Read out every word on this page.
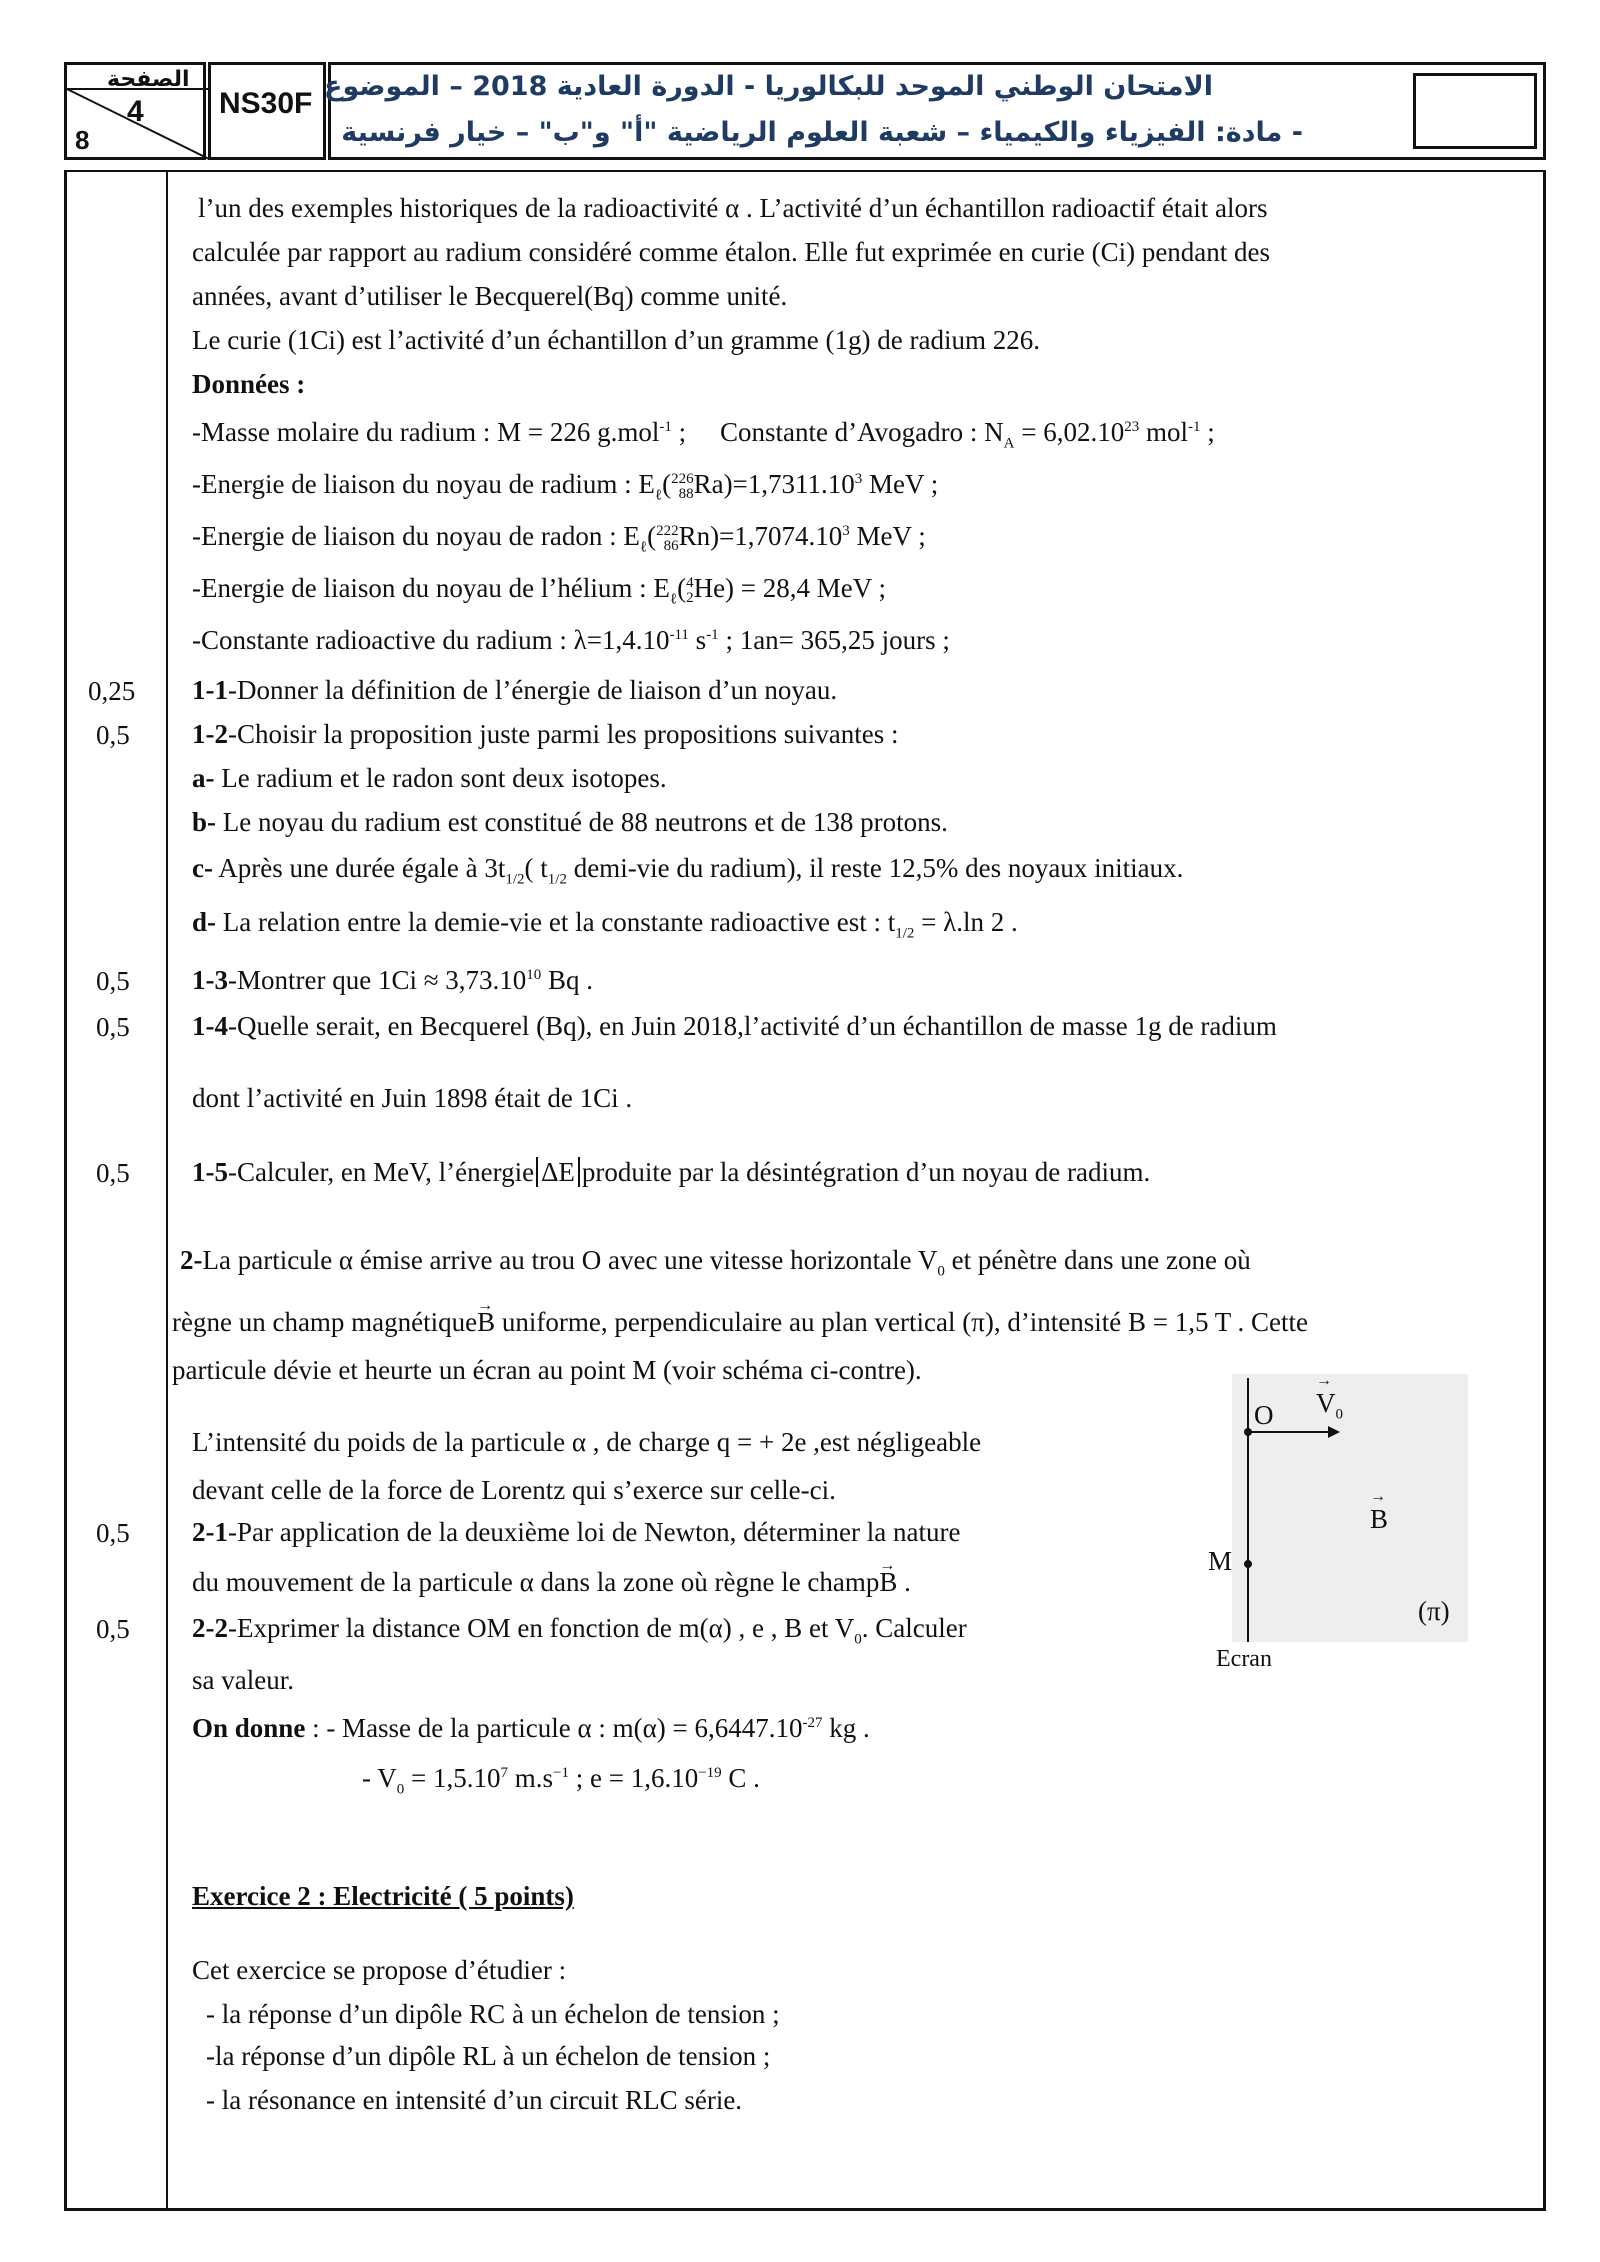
الصفحة
4
8
NS30F
الامتحان الوطني الموحد للبكالوريا - الدورة العادية 2018 – الموضوع
- مادة: الفيزياء والكيمياء – شعبة العلوم الرياضية "أ" و"ب" – خيار فرنسية
0,25
0,5
0,5
0,5
0,5
0,5
0,5
l’un des exemples historiques de la radioactivité α . L’activité d’un échantillon radioactif était alors
calculée par rapport au radium considéré comme étalon. Elle fut exprimée en curie (Ci) pendant des
années, avant d’utiliser le Becquerel(Bq) comme unité.
Le curie (1Ci) est l’activité d’un échantillon d’un gramme (1g) de radium 226.
Données :
-Masse molaire du radium : M = 226 g.mol$^{-1}$ ;     Constante d’Avogadro : $N_A = 6,02.10^{23}$ mol$^{-1}$ ;
-Energie de liaison du noyau de radium : $E_\ell(226$
$88Ra)=1,7311.10^3$ MeV ;
-Energie de liaison du noyau de radon : $E_\ell(222$
$86Rn)=1,7074.10^3$ MeV ;
-Energie de liaison du noyau de l’hélium : $E_\ell(4$
2He) = 28,4 MeV ;
-Constante radioactive du radium : $\lambda=1,4.10^{-11}$ $s^{-1}$ ; 1an= 365,25 jours ;
1-1-Donner la définition de l’énergie de liaison d’un noyau.
1-2-Choisir la proposition juste parmi les propositions suivantes :
a- Le radium et le radon sont deux isotopes.
b- Le noyau du radium est constitué de 88 neutrons et de 138 protons.
c- Après une durée égale à $3t_{1/2}$( $t_{1/2}$ demi-vie du radium), il reste 12,5% des noyaux initiaux.
d- La relation entre la demie-vie et la constante radioactive est : $t_{1/2} = \lambda.\ln$ 2 .
1-3-Montrer que $1Ci \approx 3,73.10^{10}$ Bq .
1-4-Quelle serait, en Becquerel (Bq), en Juin 2018,l’activité d’un échantillon de masse 1g de radium
dont l’activité en Juin 1898 était de 1Ci .
1-5-Calculer, en MeV, l’énergie ΔE produite par la désintégration d’un noyau de radium.
2-La particule α émise arrive au trou O avec une vitesse horizontale $V_0$ et pénètre dans une zone où
règne un champ magnétique→ B uniforme, perpendiculaire au plan vertical (π), d’intensité B = 1,5 T . Cette
particule dévie et heurte un écran au point M (voir schéma ci-contre).
L’intensité du poids de la particule α , de charge q = + 2e ,est négligeable
devant celle de la force de Lorentz qui s’exerce sur celle-ci.
2-1-Par application de la deuxième loi de Newton, déterminer la nature
du mouvement de la particule α dans la zone où règne le champ→ B .
2-2-Exprimer la distance OM en fonction de m(α) , e , B et $V_0$. Calculer
sa valeur.
On donne : - Masse de la particule α : $m(\alpha) = 6,6447.10^{-27}$ kg .
- $V_0 = 1,5.10^7$ $m.s^{-1}$ ; $e = 1,6.10^{-19}$ C .
O
→ $V_0$
→ B
M
(π)
Ecran
Exercice 2 : Electricité ( 5 points)
Cet exercice se propose d’étudier :
- la réponse d’un dipôle RC à un échelon de tension ;
-la réponse d’un dipôle RL à un échelon de tension ;
- la résonance en intensité d’un circuit RLC série.
